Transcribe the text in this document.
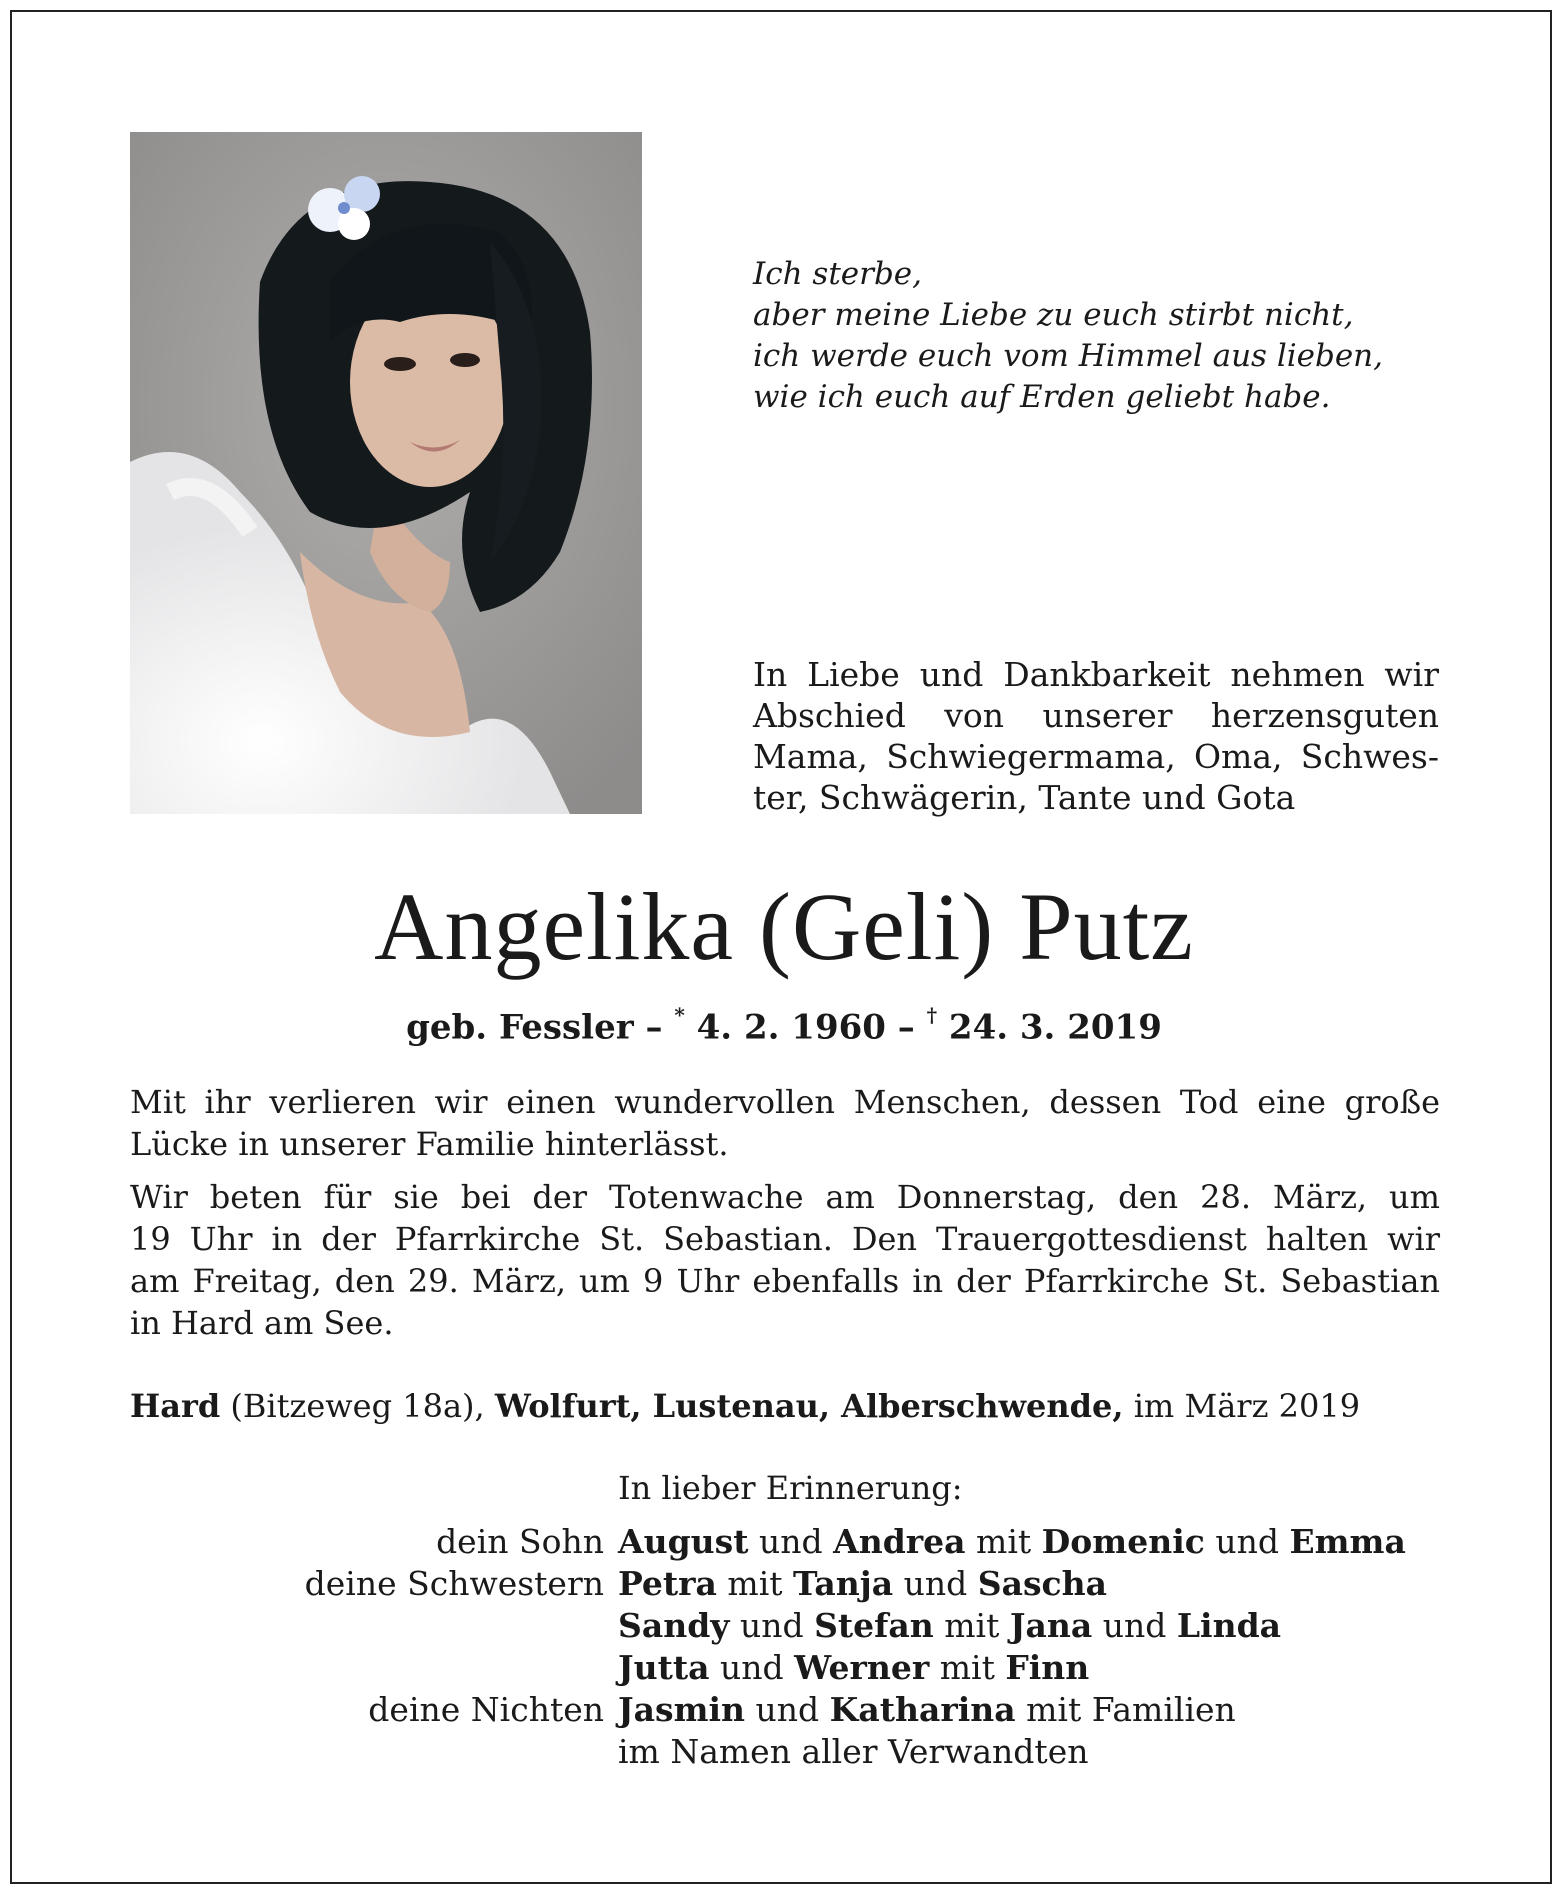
Ich sterbe,
aber meine Liebe zu euch stirbt nicht,
ich werde euch vom Himmel aus lieben,
wie ich euch auf Erden geliebt habe.
In Liebe und Dankbarkeit nehmen wir
Abschied von unserer herzensguten
Mama, Schwiegermama, Oma, Schwes-
ter, Schwägerin, Tante und Gota
Angelika (Geli) Putz
geb. Fessler – * 4. 2. 1960 – † 24. 3. 2019
Mit ihr verlieren wir einen wundervollen Menschen, dessen Tod eine große
Lücke in unserer Familie hinterlässt.
Wir beten für sie bei der Totenwache am Donnerstag, den 28. März, um
19 Uhr in der Pfarrkirche St. Sebastian. Den Trauergottesdienst halten wir
am Freitag, den 29. März, um 9 Uhr ebenfalls in der Pfarrkirche St. Sebastian
in Hard am See.
Hard (Bitzeweg 18a), Wolfurt, Lustenau, Alberschwende, im März 2019
In lieber Erinnerung:
dein Sohn August und Andrea mit Domenic und Emma
deine Schwestern Petra mit Tanja und Sascha
Sandy und Stefan mit Jana und Linda
Jutta und Werner mit Finn
deine Nichten Jasmin und Katharina mit Familien
im Namen aller Verwandten
